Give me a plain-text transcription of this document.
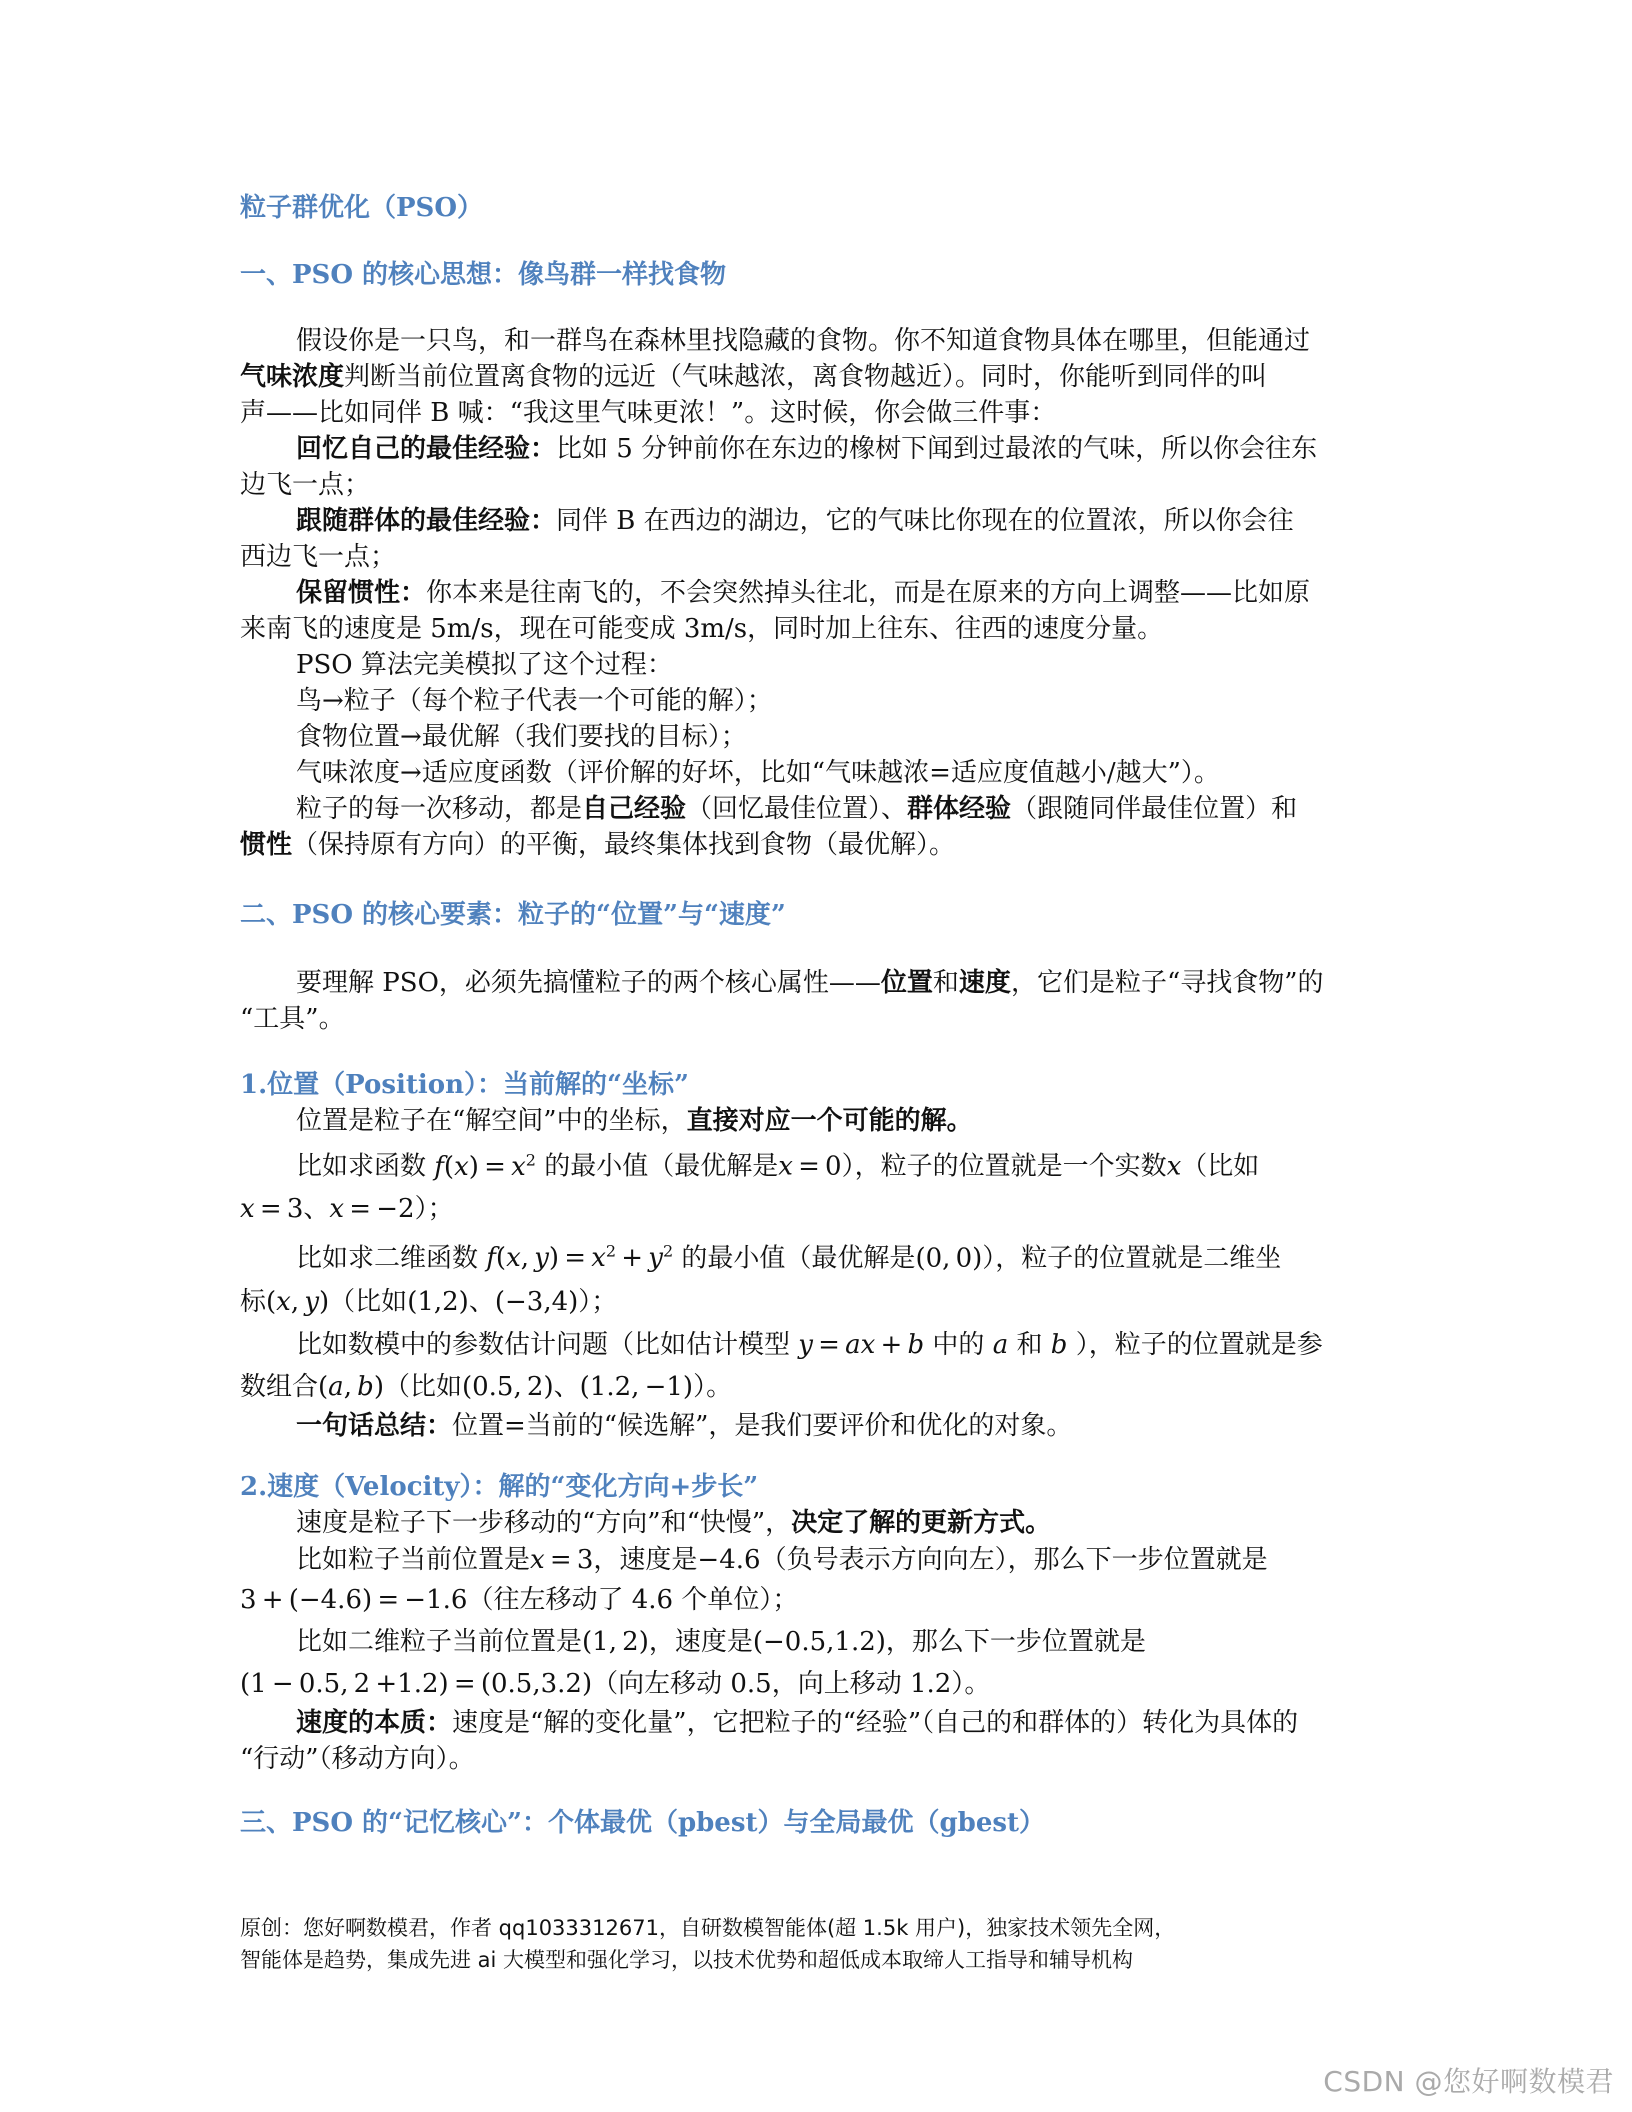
粒子群优化（PSO）
一、PSO 的核心思想：像鸟群一样找食物
假设你是一只鸟，和一群鸟在森林里找隐藏的食物。你不知道食物具体在哪里，但能通过
气味浓度判断当前位置离食物的远近（气味越浓，离食物越近）。同时，你能听到同伴的叫
声——比如同伴 B 喊：“我这里气味更浓！”。这时候，你会做三件事：
回忆自己的最佳经验：比如 5 分钟前你在东边的橡树下闻到过最浓的气味，所以你会往东
边飞一点；
跟随群体的最佳经验：同伴 B 在西边的湖边，它的气味比你现在的位置浓，所以你会往
西边飞一点；
保留惯性：你本来是往南飞的，不会突然掉头往北，而是在原来的方向上调整——比如原
来南飞的速度是 5m/s，现在可能变成 3m/s，同时加上往东、往西的速度分量。
PSO 算法完美模拟了这个过程：
鸟→粒子（每个粒子代表一个可能的解）；
食物位置→最优解（我们要找的目标）；
气味浓度→适应度函数（评价解的好坏，比如“气味越浓=适应度值越小/越大”）。
粒子的每一次移动，都是自己经验（回忆最佳位置）、群体经验（跟随同伴最佳位置）和
惯性（保持原有方向）的平衡，最终集体找到食物（最优解）。
二、PSO 的核心要素：粒子的“位置”与“速度”
要理解 PSO，必须先搞懂粒子的两个核心属性——位置和速度，它们是粒子“寻找食物”的
“工具”。
1.位置（Position）：当前解的“坐标”
位置是粒子在“解空间”中的坐标，直接对应一个可能的解。
比如求函数 $f(x) = x^2$ 的最小值（最优解是x = 0），粒子的位置就是一个实数x（比如
x = 3、x = −2）；
比如求二维函数 f(x, $y) = x^2 + y^2$ 的最小值（最优解是(0, 0)），粒子的位置就是二维坐
标(x, y)（比如(1,2)、(−3,4)）；
比如数模中的参数估计问题（比如估计模型 y = ax + b 中的 a 和 b ），粒子的位置就是参
数组合(a, b)（比如(0.5, 2)、(1.2, −1)）。
一句话总结：位置=当前的“候选解”，是我们要评价和优化的对象。
2.速度（Velocity）：解的“变化方向+步长”
速度是粒子下一步移动的“方向”和“快慢”，决定了解的更新方式。
比如粒子当前位置是x = 3，速度是−4.6（负号表示方向向左），那么下一步位置就是
3 + (−4.6) = −1.6（往左移动了 4.6 个单位）；
比如二维粒子当前位置是(1, 2)，速度是(−0.5,1.2)，那么下一步位置就是
(1 − 0.5, 2 +1.2) = (0.5,3.2)（向左移动 0.5，向上移动 1.2）。
速度的本质：速度是“解的变化量”，它把粒子的“经验”（自己的和群体的）转化为具体的
“行动”（移动方向）。
三、PSO 的“记忆核心”：个体最优（pbest）与全局最优（gbest）
原创：您好啊数模君，作者 qq1033312671，自研数模智能体(超 1.5k 用户)，独家技术领先全网，
智能体是趋势，集成先进 ai 大模型和强化学习，以技术优势和超低成本取缔人工指导和辅导机构
CSDN @您好啊数模君
